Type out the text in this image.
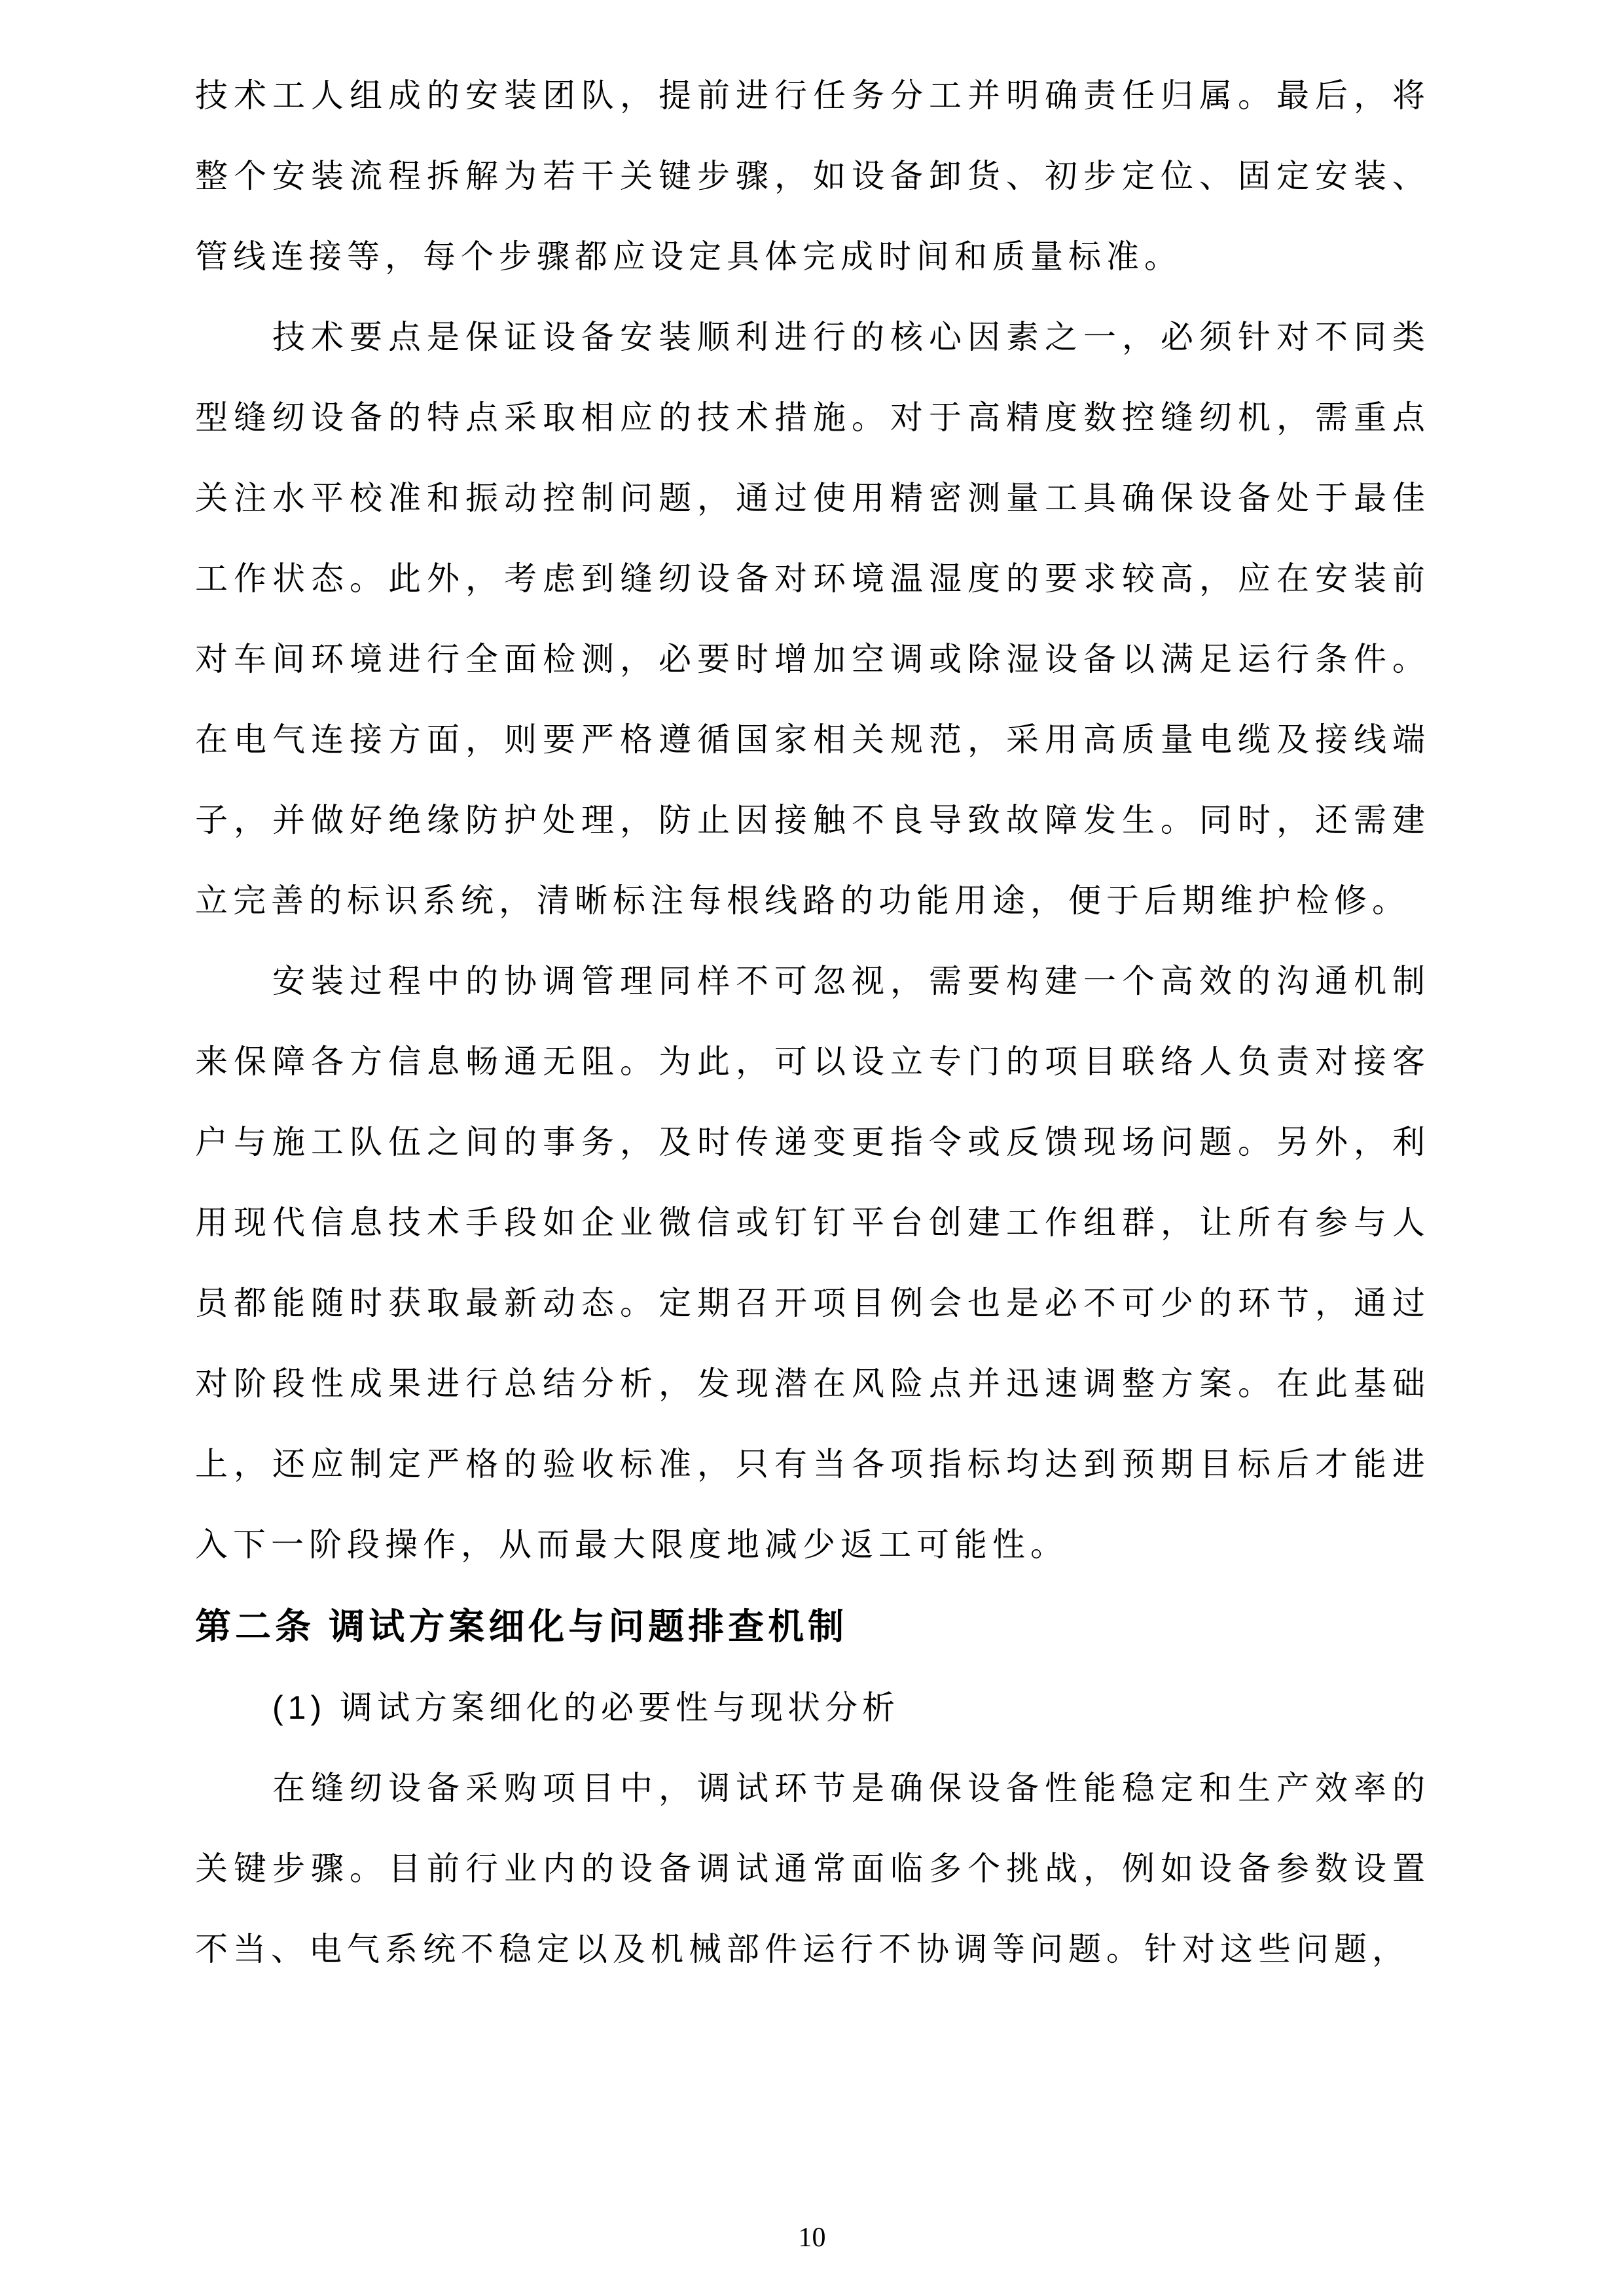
技术工人组成的安装团队，提前进行任务分工并明确责任归属。最后，将整个安装流程拆解为若干关键步骤，如设备卸货、初步定位、固定安装、管线连接等，每个步骤都应设定具体完成时间和质量标准。

技术要点是保证设备安装顺利进行的核心因素之一，必须针对不同类型缝纫设备的特点采取相应的技术措施。对于高精度数控缝纫机，需重点关注水平校准和振动控制问题，通过使用精密测量工具确保设备处于最佳工作状态。此外，考虑到缝纫设备对环境温湿度的要求较高，应在安装前对车间环境进行全面检测，必要时增加空调或除湿设备以满足运行条件。在电气连接方面，则要严格遵循国家相关规范，采用高质量电缆及接线端子，并做好绝缘防护处理，防止因接触不良导致故障发生。同时，还需建立完善的标识系统，清晰标注每根线路的功能用途，便于后期维护检修。

安装过程中的协调管理同样不可忽视，需要构建一个高效的沟通机制来保障各方信息畅通无阻。为此，可以设立专门的项目联络人负责对接客户与施工队伍之间的事务，及时传递变更指令或反馈现场问题。另外，利用现代信息技术手段如企业微信或钉钉平台创建工作组群，让所有参与人员都能随时获取最新动态。定期召开项目例会也是必不可少的环节，通过对阶段性成果进行总结分析，发现潜在风险点并迅速调整方案。在此基础上，还应制定严格的验收标准，只有当各项指标均达到预期目标后才能进入下一阶段操作，从而最大限度地减少返工可能性。

第二条 调试方案细化与问题排查机制

(1) 调试方案细化的必要性与现状分析

在缝纫设备采购项目中，调试环节是确保设备性能稳定和生产效率的关键步骤。目前行业内的设备调试通常面临多个挑战，例如设备参数设置不当、电气系统不稳定以及机械部件运行不协调等问题。针对这些问题，

10
